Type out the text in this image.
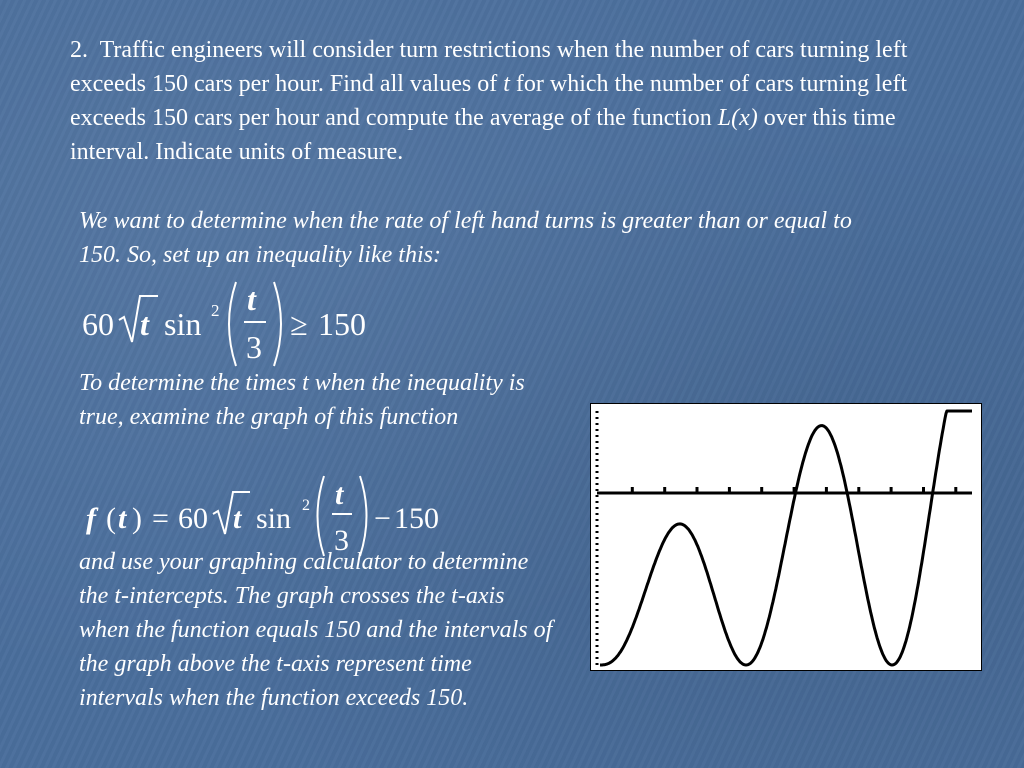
2. Traffic engineers will consider turn restrictions when the number of cars turning left exceeds 150 cars per hour. Find all values of t for which the number of cars turning left exceeds 150 cars per hour and compute the average of the function L(x) over this time interval. Indicate units of measure.

We want to determine when the rate of left hand turns is greater than or equal to 150. So, set up an inequality like this:

60 t sin 2 t
3
≥ 150

To determine the times t when the inequality is true, examine the graph of this function

f ( t ) = 60 t sin 2 t
3
− 150

and use your graphing calculator to determine the t-intercepts. The graph crosses the t-axis when the function equals 150 and the intervals of the graph above the t-axis represent time intervals when the function exceeds 150.
